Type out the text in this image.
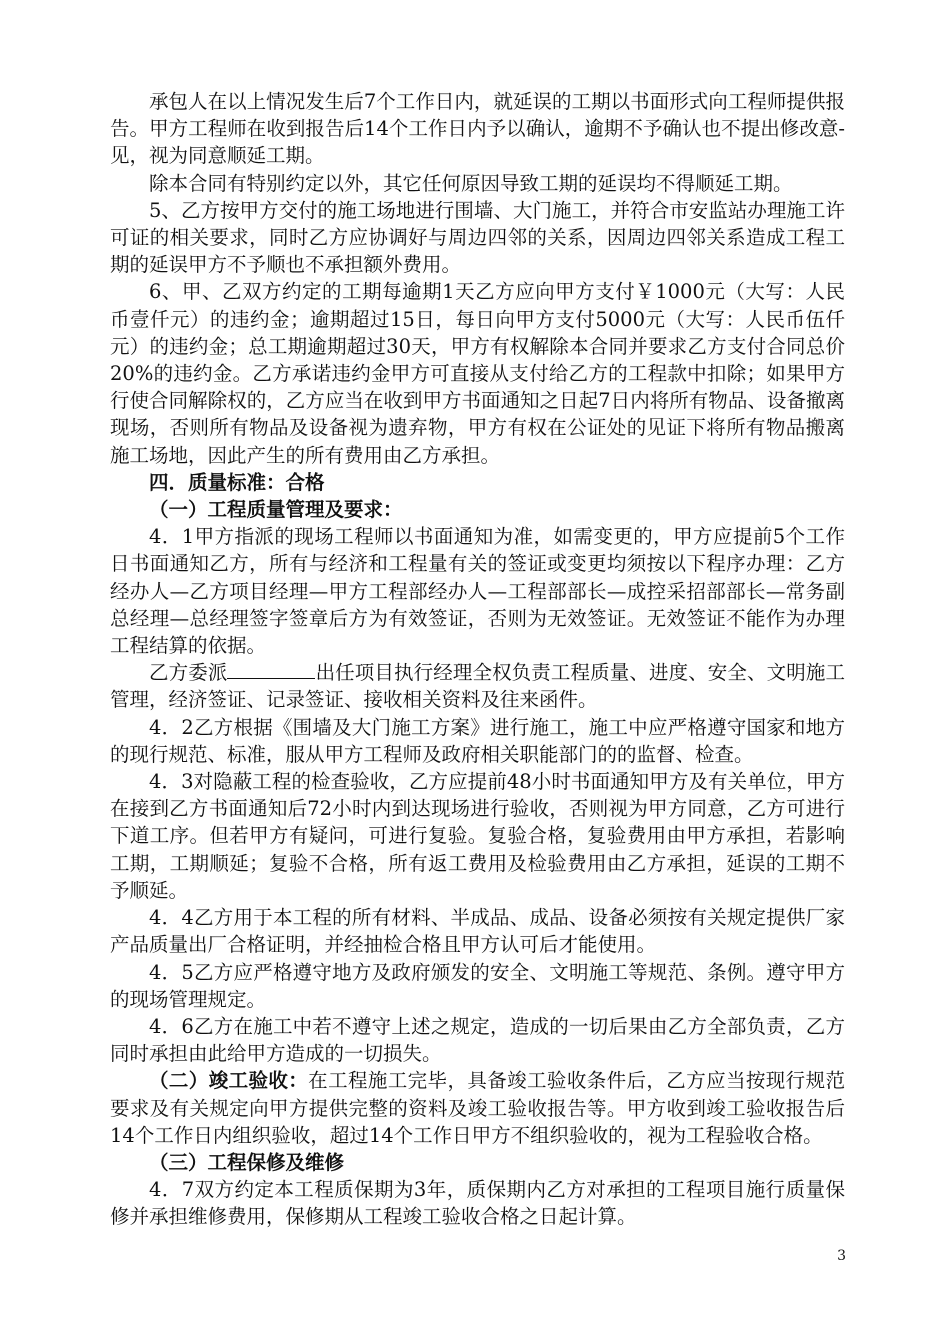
承包人在以上情况发生后7个工作日内，就延误的工期以书面形式向工程师提供报告。甲方工程师在收到报告后14个工作日内予以确认，逾期不予确认也不提出修改意-见，视为同意顺延工期。

除本合同有特别约定以外，其它任何原因导致工期的延误均不得顺延工期。

5、乙方按甲方交付的施工场地进行围墙、大门施工，并符合市安监站办理施工许可证的相关要求，同时乙方应协调好与周边四邻的关系，因周边四邻关系造成工程工期的延误甲方不予顺也不承担额外费用。

6、甲、乙双方约定的工期每逾期1天乙方应向甲方支付￥1000元（大写：人民币壹仟元）的违约金；逾期超过15日，每日向甲方支付5000元（大写：人民币伍仟元）的违约金；总工期逾期超过30天，甲方有权解除本合同并要求乙方支付合同总价20%的违约金。乙方承诺违约金甲方可直接从支付给乙方的工程款中扣除；如果甲方行使合同解除权的，乙方应当在收到甲方书面通知之日起7日内将所有物品、设备撤离现场，否则所有物品及设备视为遗弃物，甲方有权在公证处的见证下将所有物品搬离施工场地，因此产生的所有费用由乙方承担。

四．质量标准：合格

（一）工程质量管理及要求：

4．1甲方指派的现场工程师以书面通知为准，如需变更的，甲方应提前5个工作日书面通知乙方，所有与经济和工程量有关的签证或变更均须按以下程序办理：乙方经办人—乙方项目经理—甲方工程部经办人—工程部部长—成控采招部部长—常务副总经理—总经理签字签章后方为有效签证，否则为无效签证。无效签证不能作为办理工程结算的依据。

乙方委派	出任项目执行经理全权负责工程质量、进度、安全、文明施工管理，经济签证、记录签证、接收相关资料及往来函件。

4．2乙方根据《围墙及大门施工方案》进行施工，施工中应严格遵守国家和地方的现行规范、标准，服从甲方工程师及政府相关职能部门的的监督、检查。

4．3对隐蔽工程的检查验收，乙方应提前48小时书面通知甲方及有关单位，甲方在接到乙方书面通知后72小时内到达现场进行验收，否则视为甲方同意，乙方可进行下道工序。但若甲方有疑问，可进行复验。复验合格，复验费用由甲方承担，若影响工期，工期顺延；复验不合格，所有返工费用及检验费用由乙方承担，延误的工期不予顺延。

4．4乙方用于本工程的所有材料、半成品、成品、设备必须按有关规定提供厂家产品质量出厂合格证明，并经抽检合格且甲方认可后才能使用。

4．5乙方应严格遵守地方及政府颁发的安全、文明施工等规范、条例。遵守甲方的现场管理规定。

4．6乙方在施工中若不遵守上述之规定，造成的一切后果由乙方全部负责，乙方同时承担由此给甲方造成的一切损失。

（二）竣工验收：在工程施工完毕，具备竣工验收条件后，乙方应当按现行规范要求及有关规定向甲方提供完整的资料及竣工验收报告等。甲方收到竣工验收报告后14个工作日内组织验收，超过14个工作日甲方不组织验收的，视为工程验收合格。

（三）工程保修及维修

4．7双方约定本工程质保期为3年，质保期内乙方对承担的工程项目施行质量保修并承担维修费用，保修期从工程竣工验收合格之日起计算。

3
